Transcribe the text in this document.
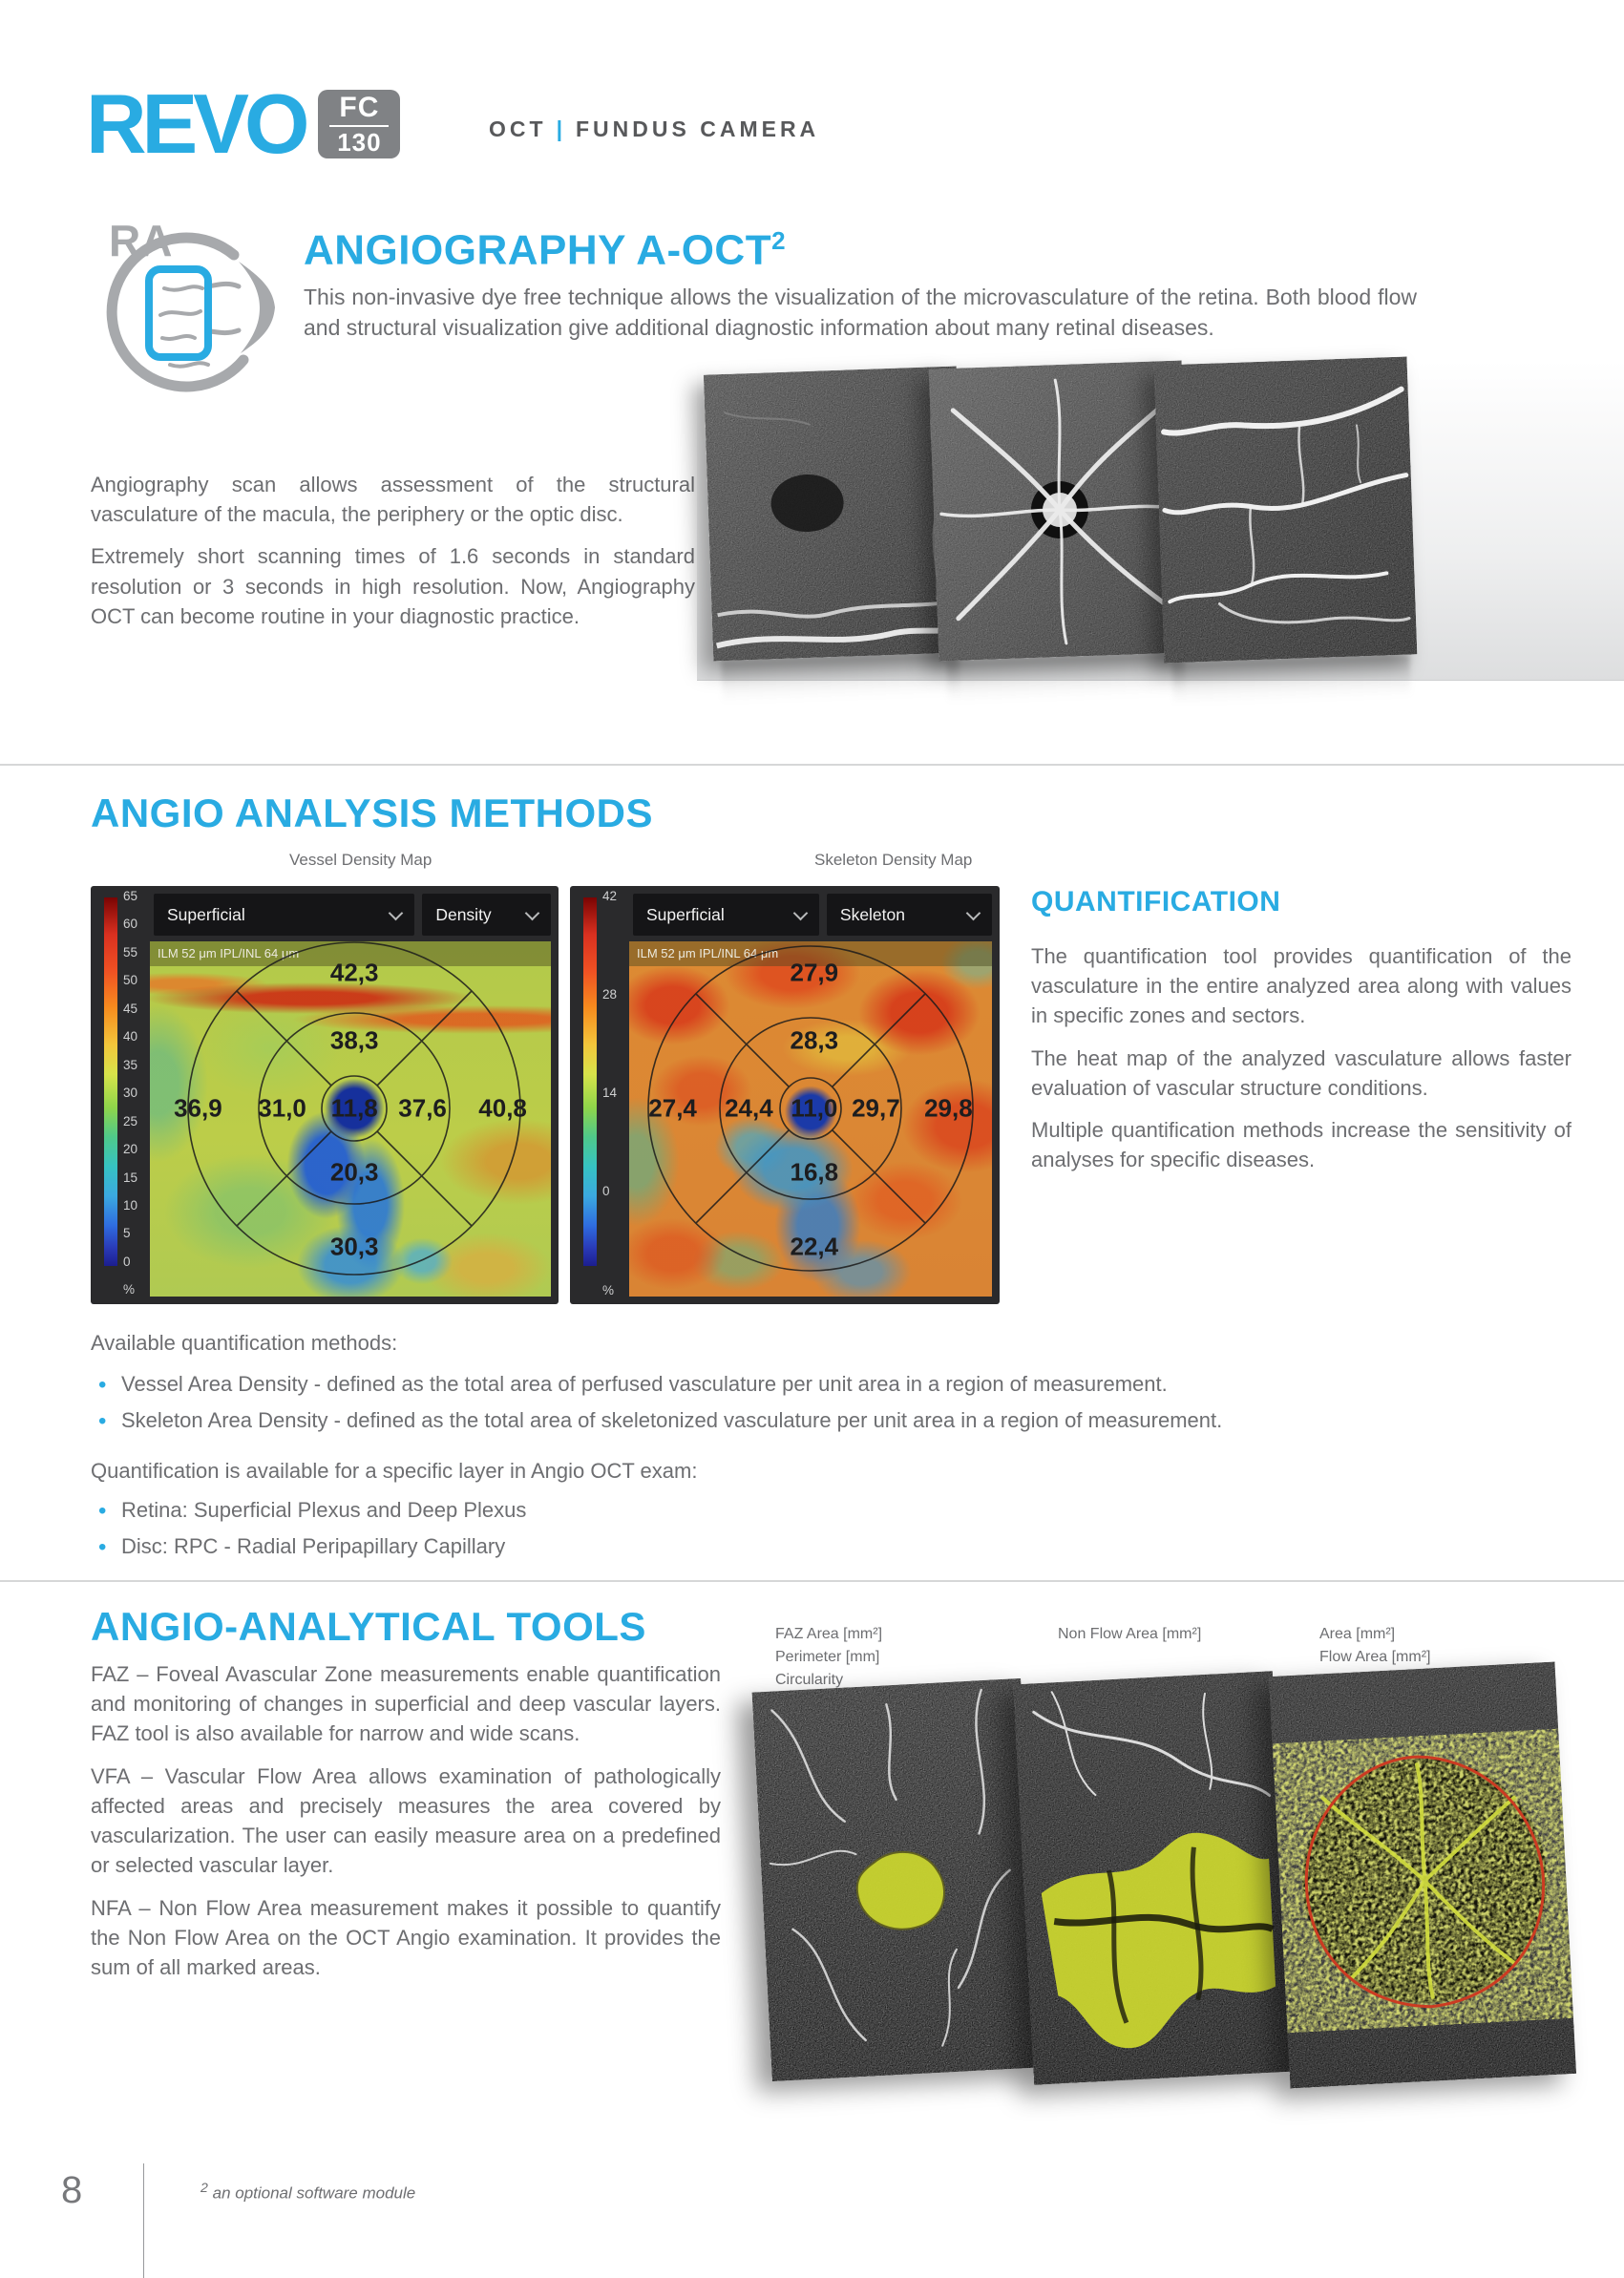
REVO FC
130	OCT | FUNDUS CAMERA
RA	ANGIOGRAPHY A-OCT$^2$
This non-invasive dye free technique allows the visualization of the microvasculature of the retina. Both blood flow and structural visualization give additional diagnostic information about many retinal diseases.

Angiography scan allows assessment of the structural vasculature of the macula, the periphery or the optic disc.

Extremely short scanning times of 1.6 seconds in standard resolution or 3 seconds in high resolution. Now, Angiography OCT can become routine in your diagnostic practice.

ANGIO ANALYSIS METHODS
Vessel Density Map	Skeleton Density Map
65
60
55
50
45
40
35
30
25
20
15
10
5
0
%
Superficial	Density
ILM 52 μm IPL/INL 64 μm
42,3
38,3
36,9 31,0 11,8 37,6 40,8
20,3
30,3
42
28
14
0
%
Superficial	Skeleton
ILM 52 μm IPL/INL 64 μm
27,9
28,3
27,4 24,4 11,0 29,7 29,8
16,8
22,4
QUANTIFICATION

The quantification tool provides quantification of the vasculature in the entire analyzed area along with values in specific zones and sectors.

The heat map of the analyzed vasculature allows faster evaluation of vascular structure conditions.

Multiple quantification methods increase the sensitivity of analyses for specific diseases.

Available quantification methods:
• Vessel Area Density - defined as the total area of perfused vasculature per unit area in a region of measurement.
• Skeleton Area Density - defined as the total area of skeletonized vasculature per unit area in a region of measurement.
Quantification is available for a specific layer in Angio OCT exam:
• Retina: Superficial Plexus and Deep Plexus
• Disc: RPC - Radial Peripapillary Capillary
ANGIO-ANALYTICAL TOOLS

FAZ – Foveal Avascular Zone measurements enable quantification and monitoring of changes in superficial and deep vascular layers. FAZ tool is also available for narrow and wide scans.

VFA – Vascular Flow Area allows examination of pathologically affected areas and precisely measures the area covered by vascularization. The user can easily measure area on a predefined or selected vascular layer.

NFA – Non Flow Area measurement makes it possible to quantify the Non Flow Area on the OCT Angio examination. It provides the sum of all marked areas.

FAZ Area [mm²]
Perimeter [mm]
Circularity
Non Flow Area [mm²]	Area [mm²]
Flow Area [mm²]
8	$^2$ an optional software module
